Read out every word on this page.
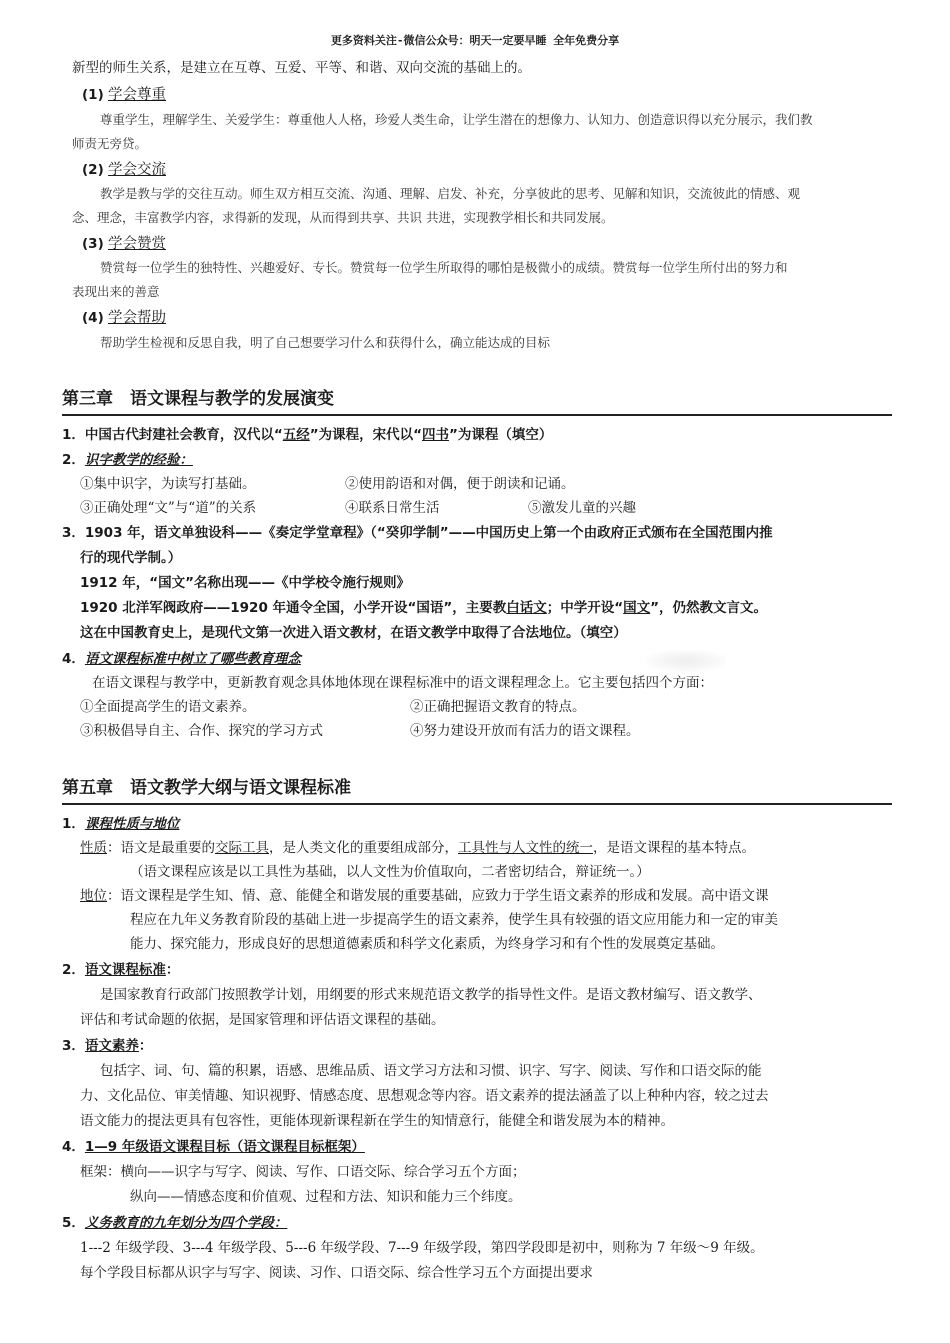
更多资料关注-微信公众号：明天一定要早睡 全年免费分享
新型的师生关系，是建立在互尊、互爱、平等、和谐、双向交流的基础上的。
(1) 学会尊重
尊重学生，理解学生、关爱学生：尊重他人人格，珍爱人类生命，让学生潜在的想像力、认知力、创造意识得以充分展示，我们教
师责无旁贷。
(2) 学会交流
教学是教与学的交往互动。师生双方相互交流、沟通、理解、启发、补充，分享彼此的思考、见解和知识，交流彼此的情感、观
念、理念，丰富教学内容，求得新的发现，从而得到共享、共识 共进，实现教学相长和共同发展。
(3) 学会赞赏
赞赏每一位学生的独特性、兴趣爱好、专长。赞赏每一位学生所取得的哪怕是极微小的成绩。赞赏每一位学生所付出的努力和
表现出来的善意
(4) 学会帮助
帮助学生检视和反思自我，明了自己想要学习什么和获得什么，确立能达成的目标
第三章　语文课程与教学的发展演变
1．中国古代封建社会教育，汉代以“五经”为课程，宋代以“四书”为课程（填空）
2．识字教学的经验：
①集中识字，为读写打基础。	②使用韵语和对偶，便于朗读和记诵。
③正确处理“文”与“道”的关系	④联系日常生活	⑤激发儿童的兴趣
3．1903 年，语文单独设科——《奏定学堂章程》（“癸卯学制”——中国历史上第一个由政府正式颁布在全国范围内推
行的现代学制。）
1912 年，“国文”名称出现——《中学校令施行规则》
1920 北洋军阀政府——1920 年通令全国，小学开设“国语”，主要教白话文；中学开设“国文”，仍然教文言文。
这在中国教育史上，是现代文第一次进入语文教材，在语文教学中取得了合法地位。（填空）
4．语文课程标准中树立了哪些教育理念
在语文课程与教学中，更新教育观念具体地体现在课程标准中的语文课程理念上。它主要包括四个方面：
①全面提高学生的语文素养。	②正确把握语文教育的特点。
③积极倡导自主、合作、探究的学习方式	④努力建设开放而有活力的语文课程。
第五章　语文教学大纲与语文课程标准
1．课程性质与地位
性质：语文是最重要的交际工具，是人类文化的重要组成部分，工具性与人文性的统一，是语文课程的基本特点。
（语文课程应该是以工具性为基础，以人文性为价值取向，二者密切结合，辩证统一。）
地位：语文课程是学生知、情、意、能健全和谐发展的重要基础，应致力于学生语文素养的形成和发展。高中语文课
程应在九年义务教育阶段的基础上进一步提高学生的语文素养，使学生具有较强的语文应用能力和一定的审美
能力、探究能力，形成良好的思想道德素质和科学文化素质，为终身学习和有个性的发展奠定基础。
2．语文课程标准：
是国家教育行政部门按照教学计划，用纲要的形式来规范语文教学的指导性文件。是语文教材编写、语文教学、
评估和考试命题的依据，是国家管理和评估语文课程的基础。
3．语文素养：
包括字、词、句、篇的积累，语感、思维品质、语文学习方法和习惯、识字、写字、阅读、写作和口语交际的能
力、文化品位、审美情趣、知识视野、情感态度、思想观念等内容。语文素养的提法涵盖了以上种种内容，较之过去
语文能力的提法更具有包容性，更能体现新课程新在学生的知情意行，能健全和谐发展为本的精神。
4．1—9 年级语文课程目标（语文课程目标框架）
框架：横向——识字与写字、阅读、写作、口语交际、综合学习五个方面；
纵向——情感态度和价值观、过程和方法、知识和能力三个纬度。
5．义务教育的九年划分为四个学段：
1---2 年级学段、3---4 年级学段、5---6 年级学段、7---9 年级学段，第四学段即是初中，则称为 7 年级～9 年级。
每个学段目标都从识字与写字、阅读、习作、口语交际、综合性学习五个方面提出要求
